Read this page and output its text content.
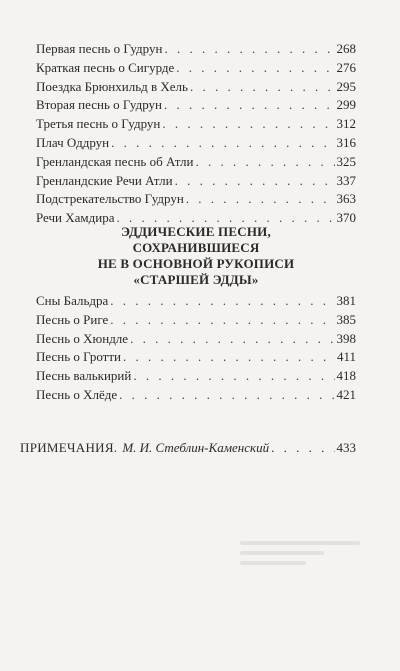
Первая песнь о Гудрун . . .	268
Краткая песнь о Сигурде . . .	276
Поездка Брюнхильд в Хель . . .	295
Вторая песнь о Гудрун . . .	299
Третья песнь о Гудрун . . .	312
Плач Оддрун . . .	316
Гренландская песнь об Атли . . .	325
Гренландские Речи Атли . . .	337
Подстрекательство Гудрун . . .	363
Речи Хамдира . . .	370
ЭДДИЧЕСКИЕ ПЕСНИ,
СОХРАНИВШИЕСЯ
НЕ В ОСНОВНОЙ РУКОПИСИ
«СТАРШЕЙ ЭДДЫ»
Сны Бальдра . . .	381
Песнь о Риге . . .	385
Песнь о Хюндле . . .	398
Песнь о Гротти . . .	411
Песнь валькирий . . .	418
Песнь о Хлёде . . .	421
ПРИМЕЧАНИЯ. М. И. Стеблин-Каменский . . .	433
